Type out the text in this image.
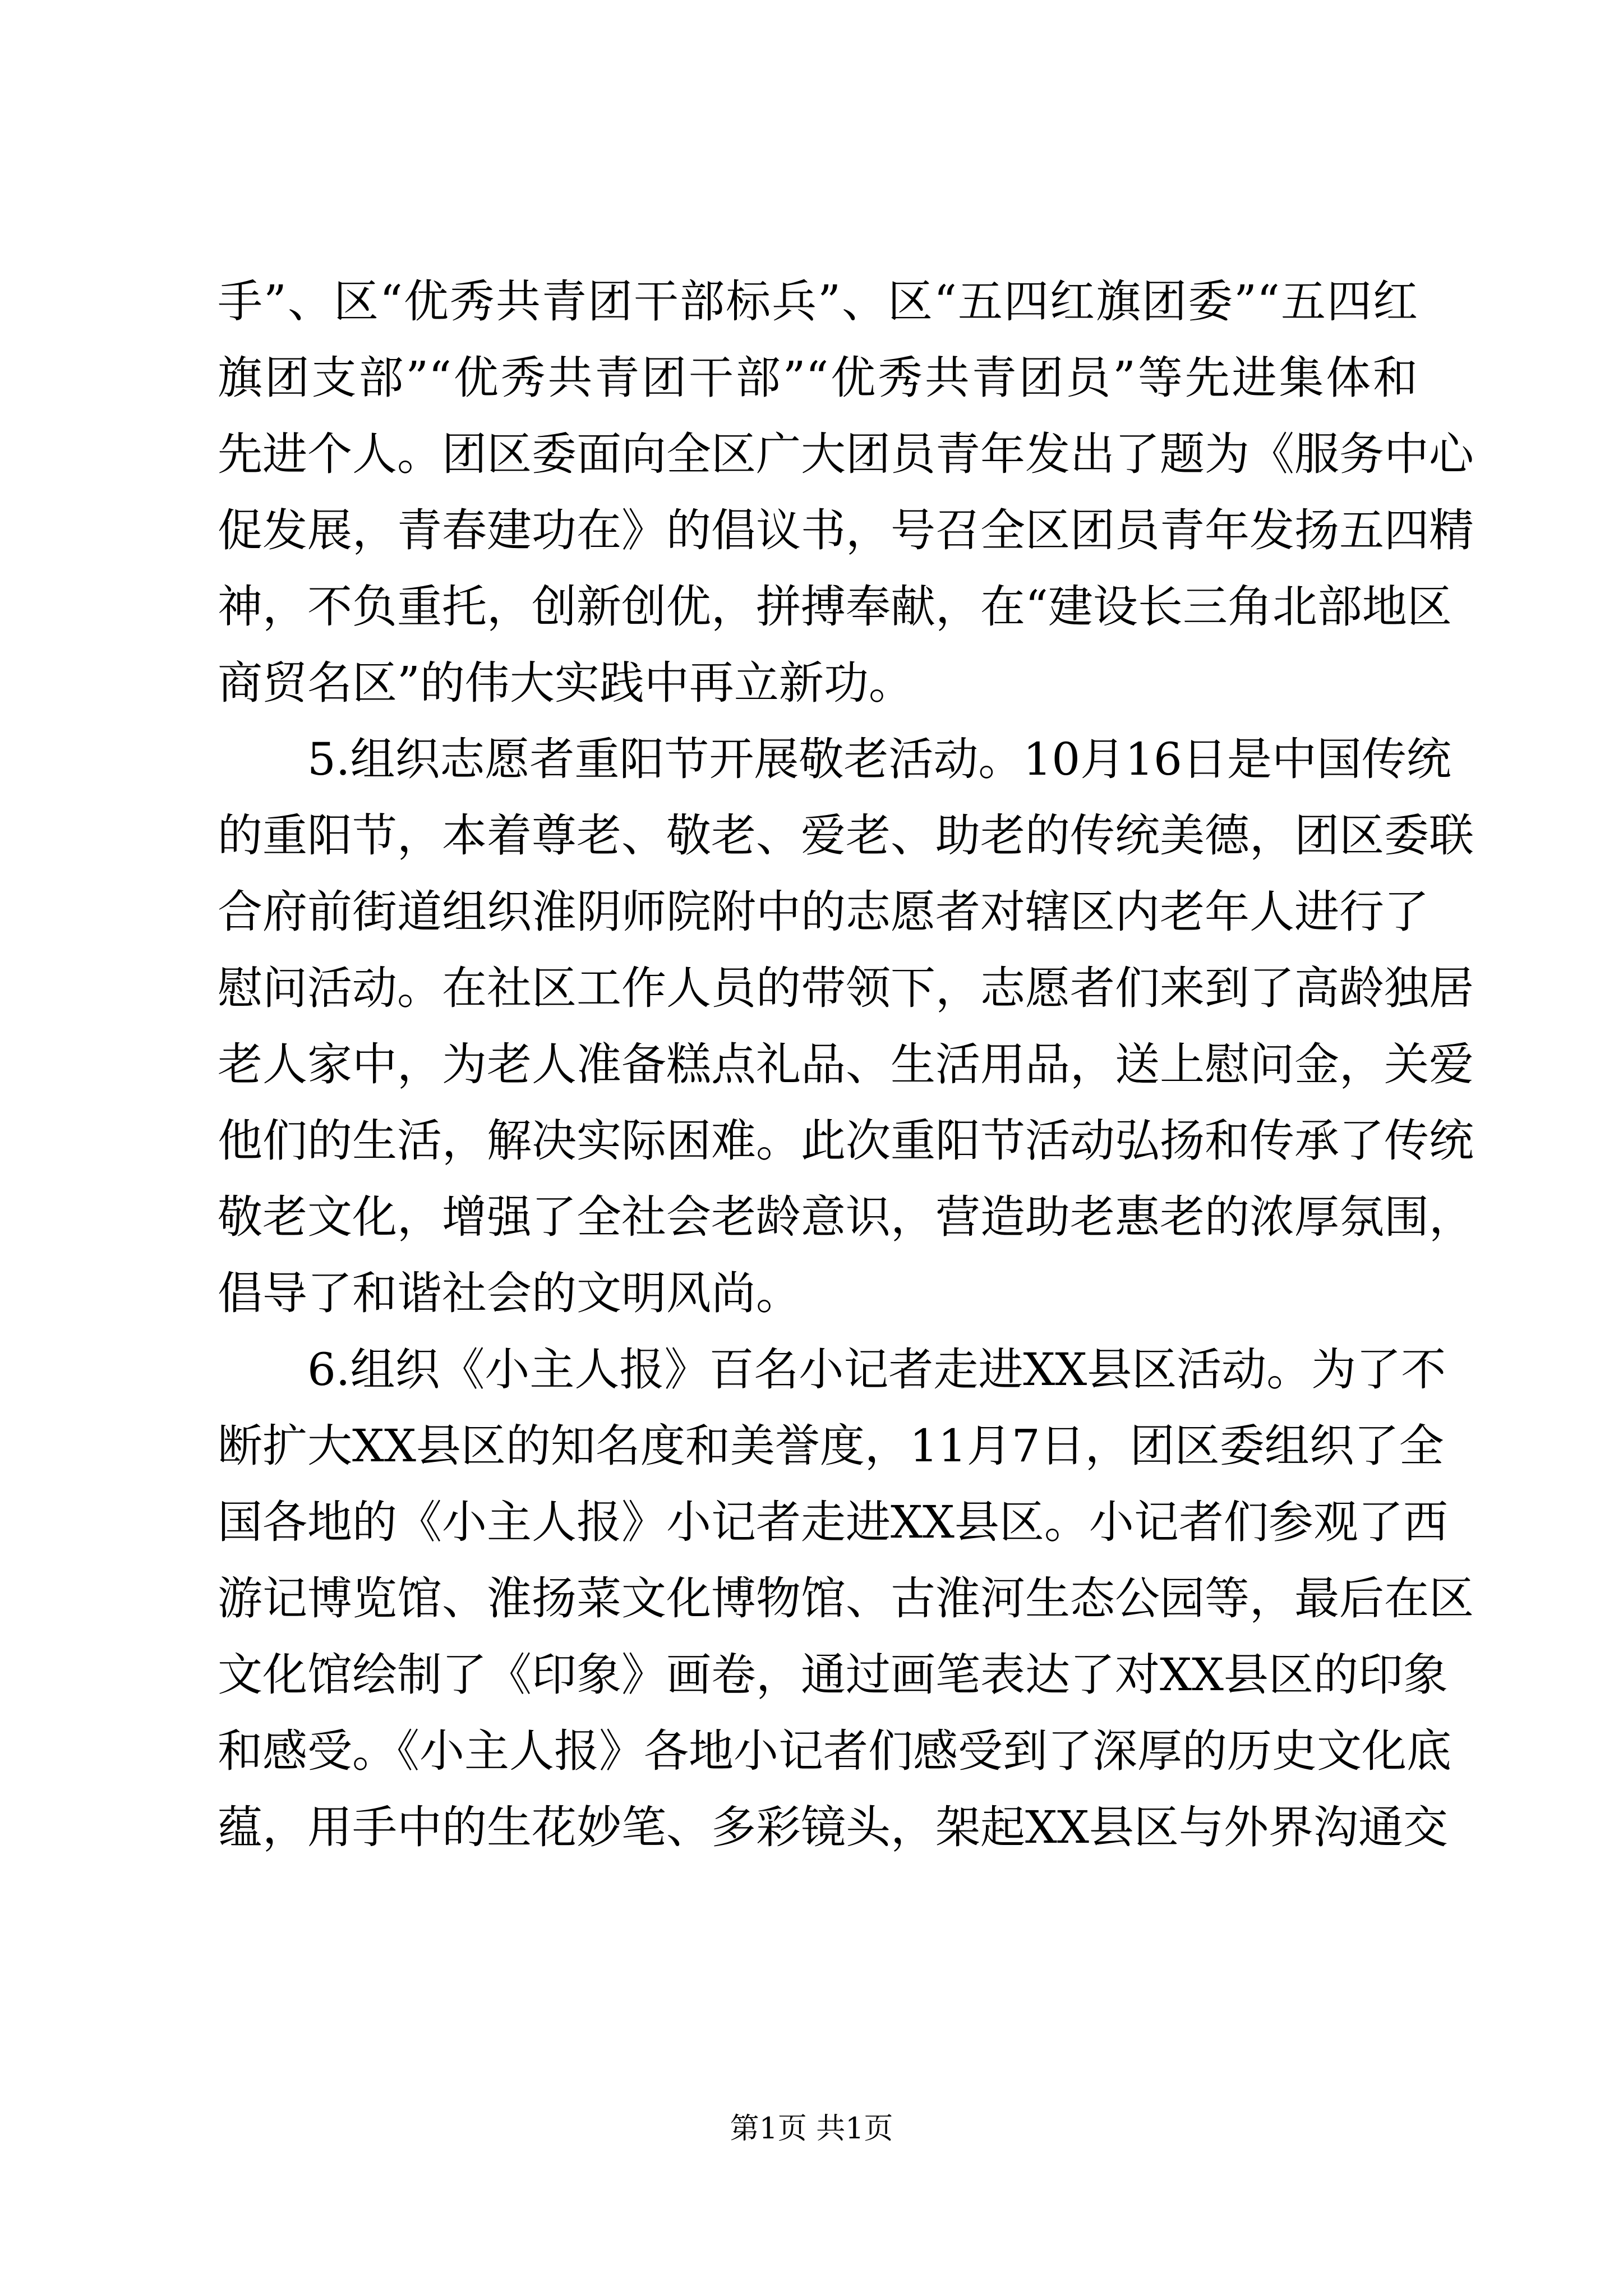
手”、区“优秀共青团干部标兵”、区“五四红旗团委”“五四红
旗团支部”“优秀共青团干部”“优秀共青团员”等先进集体和
先进个人。团区委面向全区广大团员青年发出了题为《服务中心
促发展，青春建功在》的倡议书，号召全区团员青年发扬五四精
神，不负重托，创新创优，拼搏奉献，在“建设长三角北部地区
商贸名区”的伟大实践中再立新功。
　　5.组织志愿者重阳节开展敬老活动。10月16日是中国传统
的重阳节，本着尊老、敬老、爱老、助老的传统美德，团区委联
合府前街道组织淮阴师院附中的志愿者对辖区内老年人进行了
慰问活动。在社区工作人员的带领下，志愿者们来到了高龄独居
老人家中，为老人准备糕点礼品、生活用品，送上慰问金，关爱
他们的生活，解决实际困难。此次重阳节活动弘扬和传承了传统
敬老文化，增强了全社会老龄意识，营造助老惠老的浓厚氛围，
倡导了和谐社会的文明风尚。
　　6.组织《小主人报》百名小记者走进XX县区活动。为了不
断扩大XX县区的知名度和美誉度，11月7日，团区委组织了全
国各地的《小主人报》小记者走进XX县区。小记者们参观了西
游记博览馆、淮扬菜文化博物馆、古淮河生态公园等，最后在区
文化馆绘制了《印象》画卷，通过画笔表达了对XX县区的印象
和感受。《小主人报》各地小记者们感受到了深厚的历史文化底
蕴，用手中的生花妙笔、多彩镜头，架起XX县区与外界沟通交
第1页 共1页
